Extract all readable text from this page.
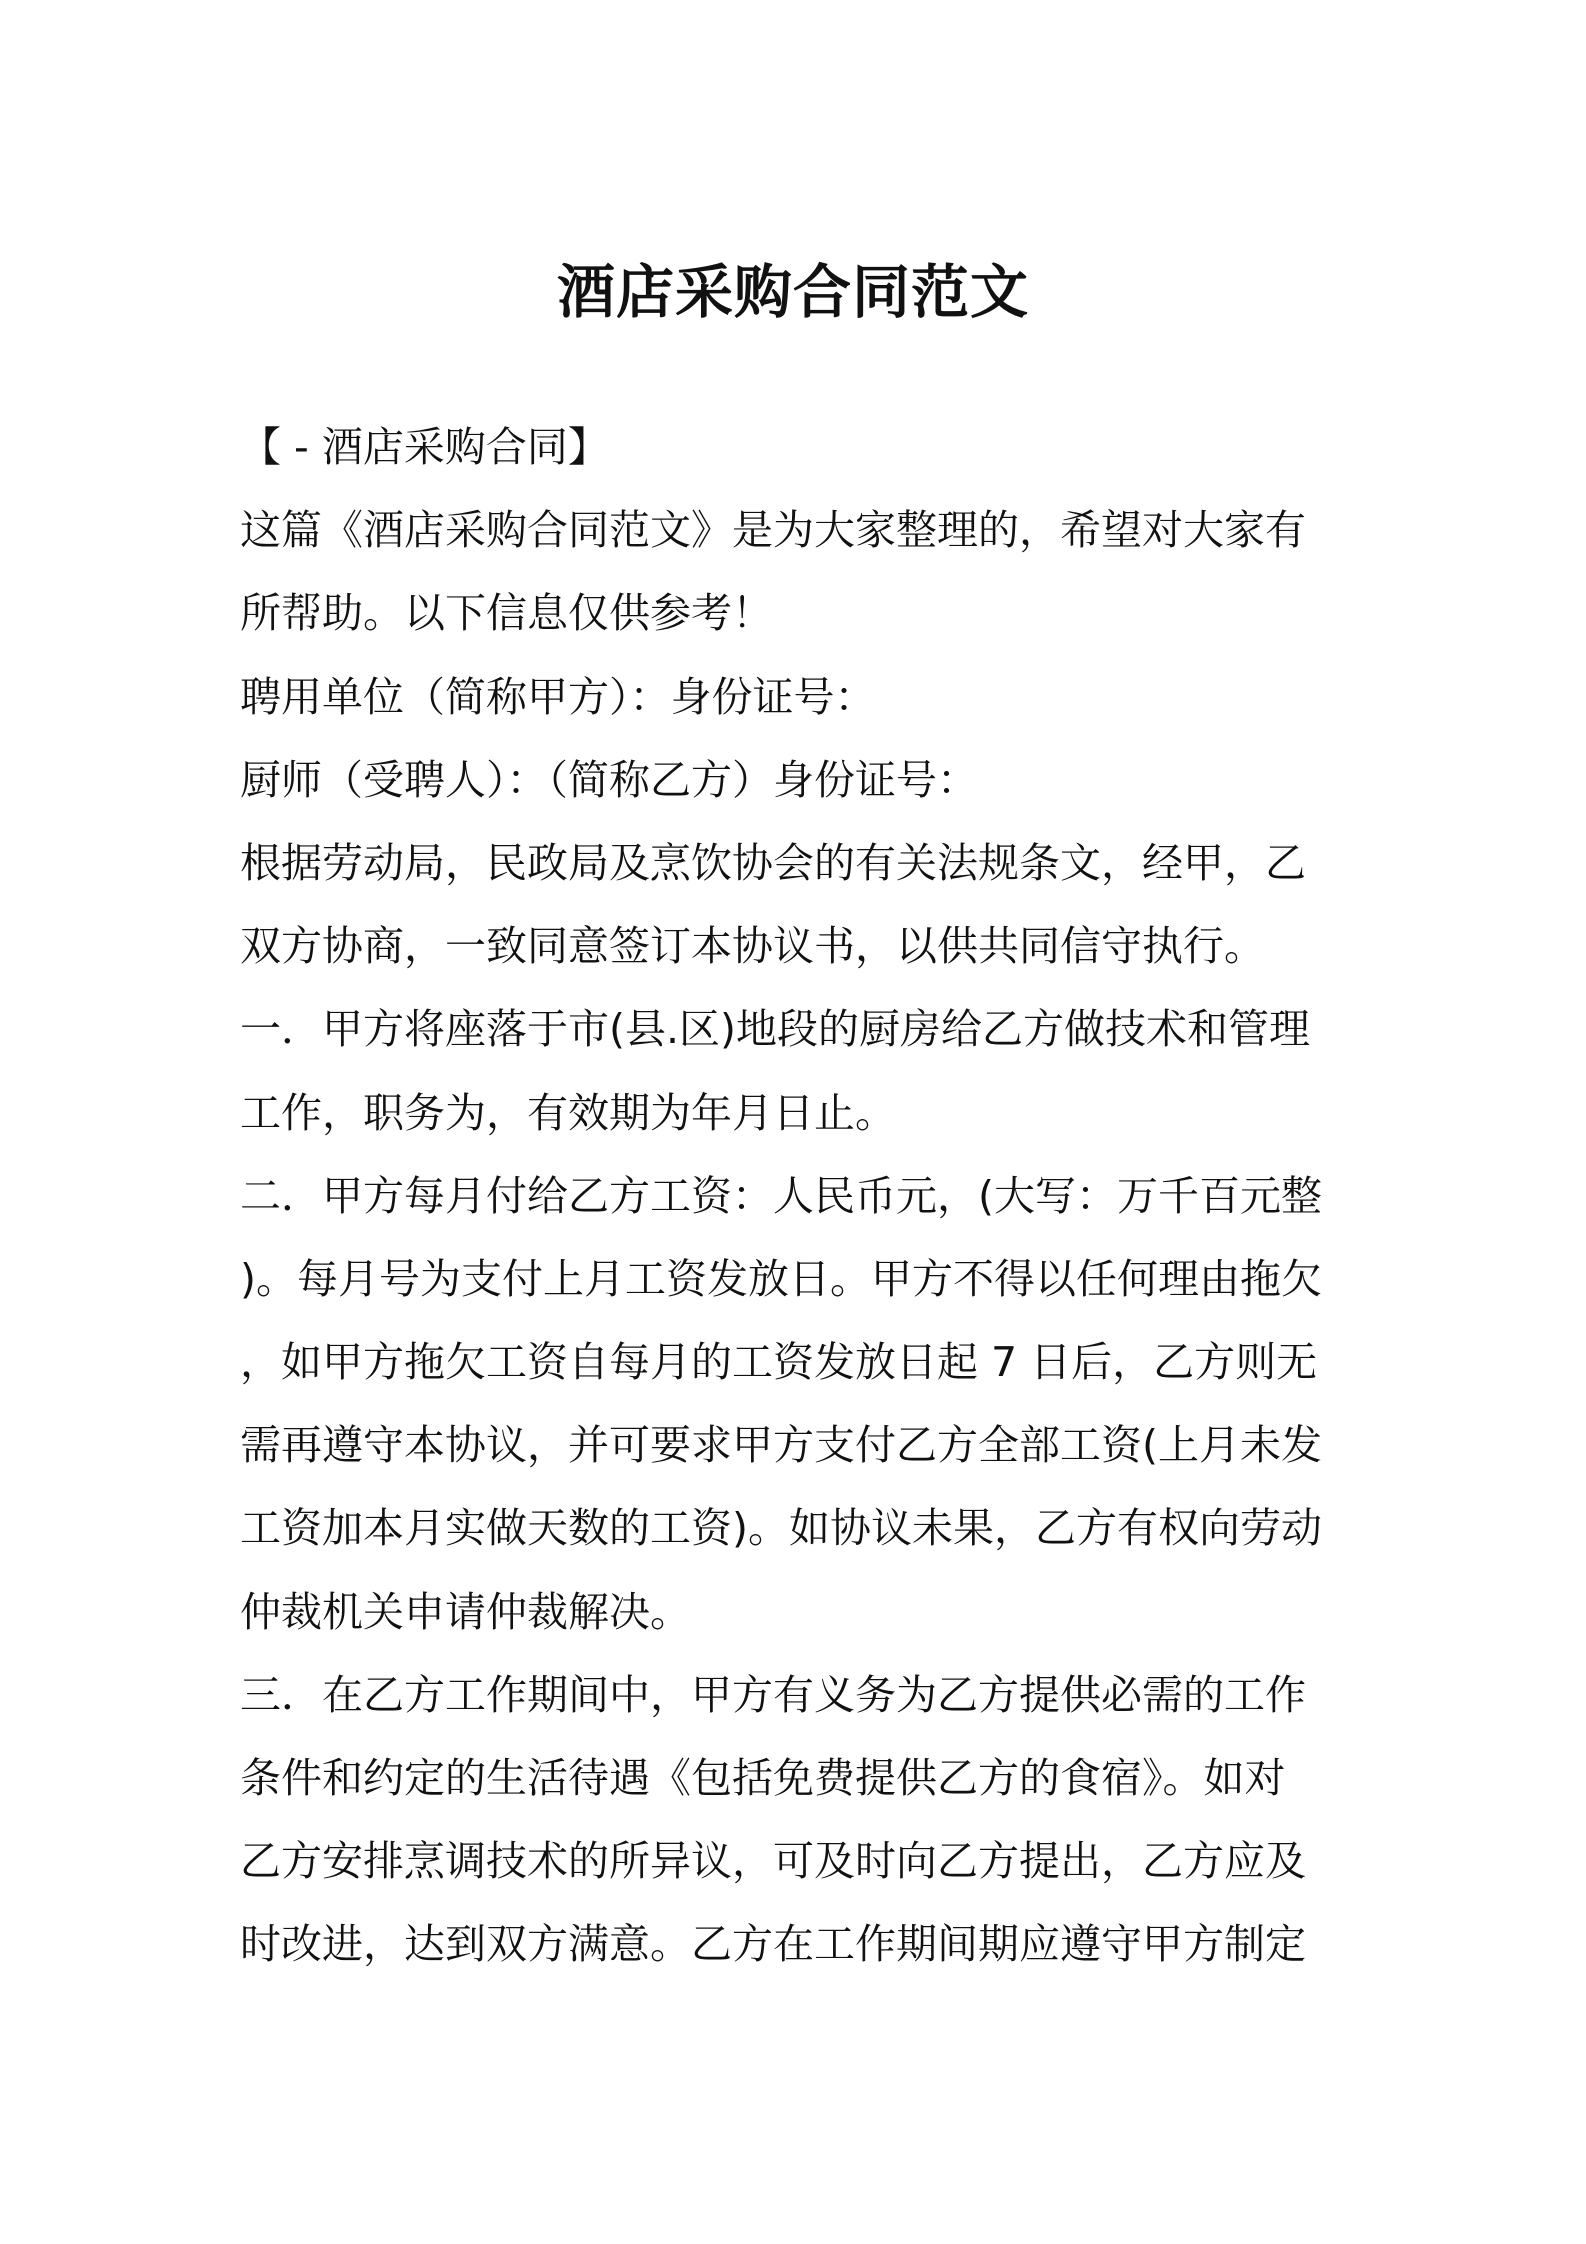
酒店采购合同范文
【 - 酒店采购合同】
这篇《酒店采购合同范文》是为大家整理的，希望对大家有
所帮助。以下信息仅供参考！
聘用单位（简称甲方）：身份证号：
厨师（受聘人）：（简称乙方）身份证号：
根据劳动局，民政局及烹饮协会的有关法规条文，经甲，乙
双方协商，一致同意签订本协议书，以供共同信守执行。
一．甲方将座落于市(县.区)地段的厨房给乙方做技术和管理
工作，职务为，有效期为年月日止。
二．甲方每月付给乙方工资：人民币元，(大写：万千百元整
)。每月号为支付上月工资发放日。甲方不得以任何理由拖欠
，如甲方拖欠工资自每月的工资发放日起 7 日后，乙方则无
需再遵守本协议，并可要求甲方支付乙方全部工资(上月未发
工资加本月实做天数的工资)。如协议未果，乙方有权向劳动
仲裁机关申请仲裁解决。
三．在乙方工作期间中，甲方有义务为乙方提供必需的工作
条件和约定的生活待遇《包括免费提供乙方的食宿》。如对
乙方安排烹调技术的所异议，可及时向乙方提出，乙方应及
时改进，达到双方满意。乙方在工作期间期应遵守甲方制定
